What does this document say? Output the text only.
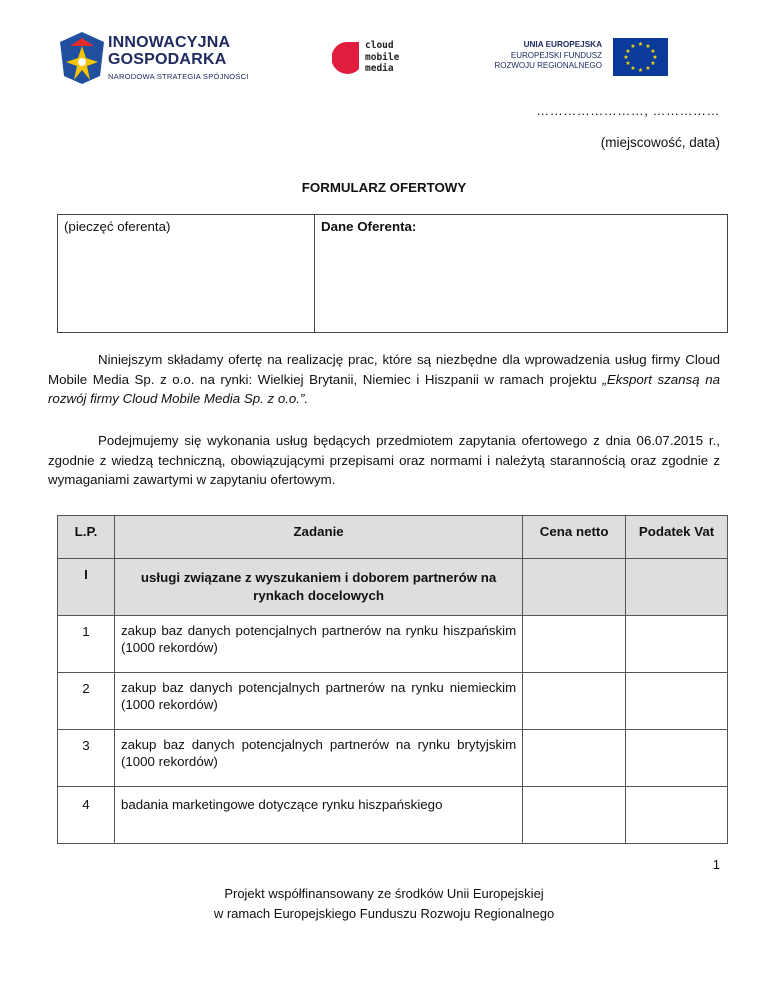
INNOWACYJNA
GOSPODARKA
NARODOWA STRATEGIA SPÓJNOŚCI
cloud
mobile
media
UNIA EUROPEJSKA
EUROPEJSKI FUNDUSZ
ROZWOJU REGIONALNEGO
★ ★
★
★
★
★
★
★
★
★
★
★
……………………, ……………
(miejscowość, data)
FORMULARZ OFERTOWY
(pieczęć oferenta)	Dane Oferenta:
Niniejszym składamy ofertę na realizację prac, które są niezbędne dla wprowadzenia usług firmy Cloud Mobile Media Sp. z o.o. na rynki: Wielkiej Brytanii, Niemiec i Hiszpanii w ramach projektu „Eksport szansą na rozwój firmy Cloud Mobile Media Sp. z o.o.”.
Podejmujemy się wykonania usług będących przedmiotem zapytania ofertowego z dnia 06.07.2015 r., zgodnie z wiedzą techniczną, obowiązującymi przepisami oraz normami i należytą starannością oraz zgodnie z wymaganiami zawartymi w zapytaniu ofertowym.
L.P.	Zadanie	Cena netto	Podatek Vat
I	usługi związane z wyszukaniem i doborem partnerów na rynkach docelowych		
1	zakup baz danych potencjalnych partnerów na rynku hiszpańskim (1000 rekordów)		
2	zakup baz danych potencjalnych partnerów na rynku niemieckim (1000 rekordów)		
3	zakup baz danych potencjalnych partnerów na rynku brytyjskim (1000 rekordów)		
4	badania marketingowe dotyczące rynku hiszpańskiego		
1
Projekt współfinansowany ze środków Unii Europejskiej
w ramach Europejskiego Funduszu Rozwoju Regionalnego
